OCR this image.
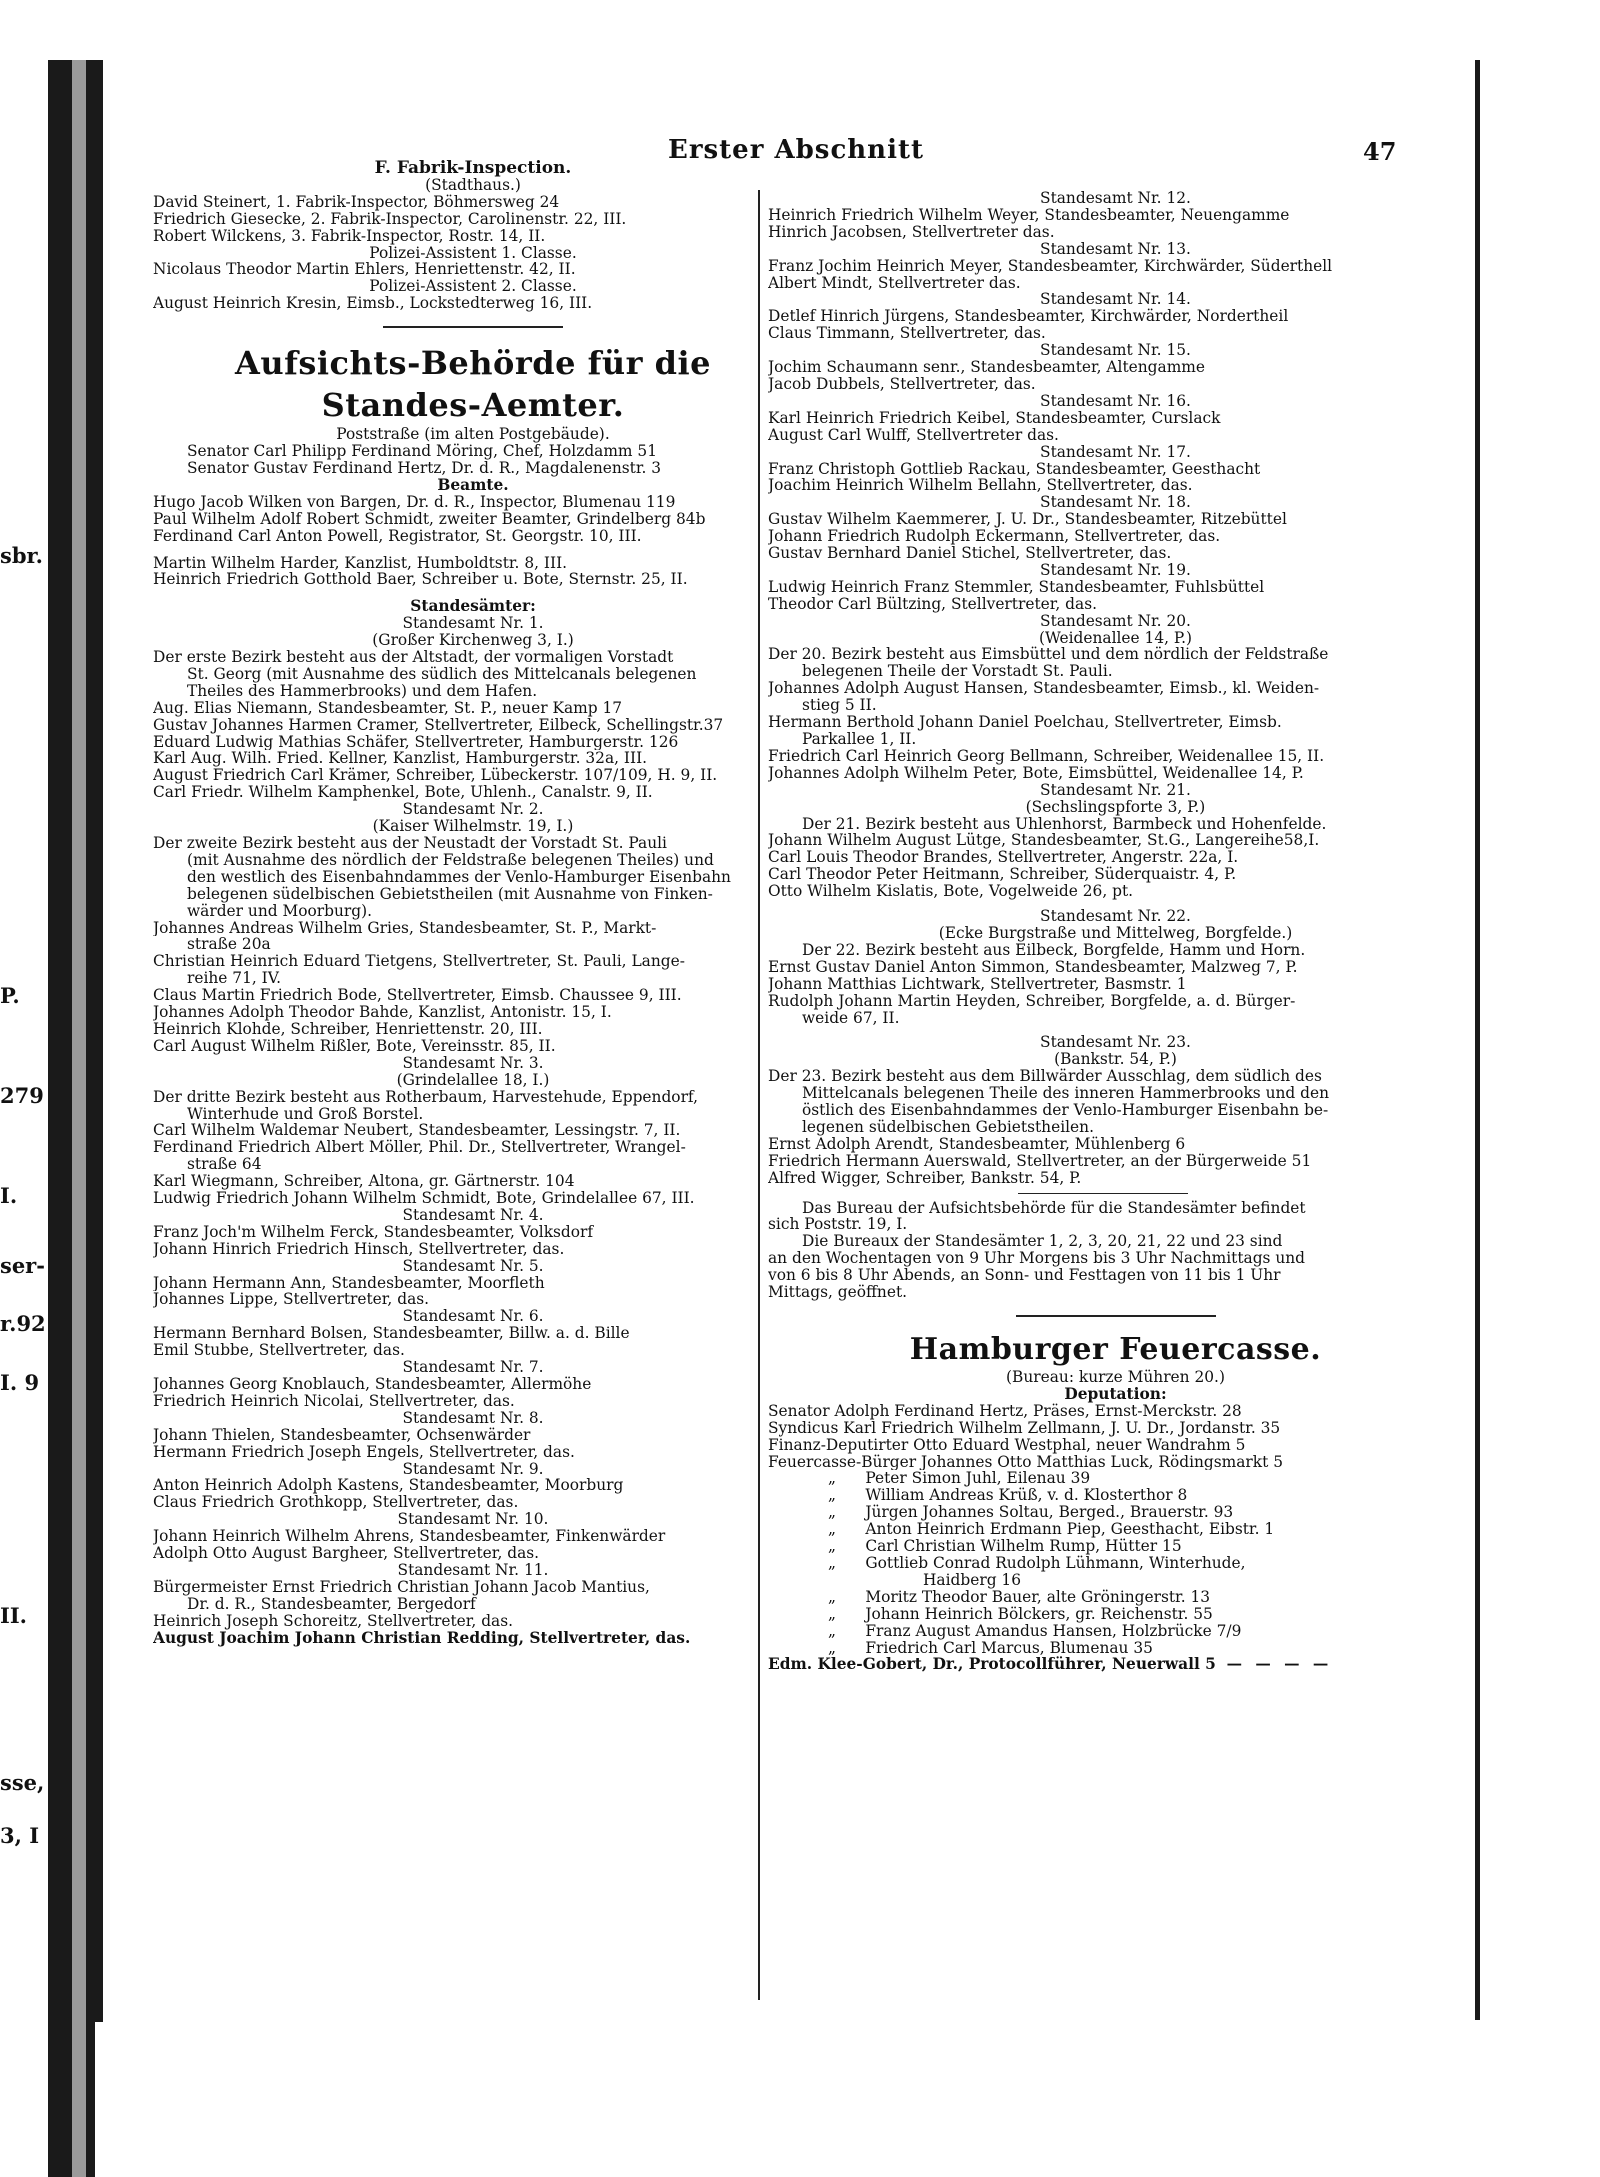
sbr.
P.
279
I.
ser-
r.92
I. 9
II.
sse,
3, I
Erster Abschnitt	47
F. Fabrik-Inspection.
(Stadthaus.)
David Steinert, 1. Fabrik-Inspector, Böhmersweg 24
Friedrich Giesecke, 2. Fabrik-Inspector, Carolinenstr. 22, III.
Robert Wilckens, 3. Fabrik-Inspector, Rostr. 14, II.
Polizei-Assistent 1. Classe.
Nicolaus Theodor Martin Ehlers, Henriettenstr. 42, II.
Polizei-Assistent 2. Classe.
August Heinrich Kresin, Eimsb., Lockstedterweg 16, III.
Aufsichts-Behörde für die Standes-Aemter.
Poststraße (im alten Postgebäude).
Senator Carl Philipp Ferdinand Möring, Chef, Holzdamm 51
Senator Gustav Ferdinand Hertz, Dr. d. R., Magdalenenstr. 3
Beamte.
Hugo Jacob Wilken von Bargen, Dr. d. R., Inspector, Blumenau 119
Paul Wilhelm Adolf Robert Schmidt, zweiter Beamter, Grindelberg 84b
Ferdinand Carl Anton Powell, Registrator, St. Georgstr. 10, III.
Martin Wilhelm Harder, Kanzlist, Humboldtstr. 8, III.
Heinrich Friedrich Gotthold Baer, Schreiber u. Bote, Sternstr. 25, II.
Standesämter:
Standesamt Nr. 1.
(Großer Kirchenweg 3, I.)
Der erste Bezirk besteht aus der Altstadt, der vormaligen Vorstadt
St. Georg (mit Ausnahme des südlich des Mittelcanals belegenen
Theiles des Hammerbrooks) und dem Hafen.
Aug. Elias Niemann, Standesbeamter, St. P., neuer Kamp 17
Gustav Johannes Harmen Cramer, Stellvertreter, Eilbeck, Schellingstr.37
Eduard Ludwig Mathias Schäfer, Stellvertreter, Hamburgerstr. 126
Karl Aug. Wilh. Fried. Kellner, Kanzlist, Hamburgerstr. 32a, III.
August Friedrich Carl Krämer, Schreiber, Lübeckerstr. 107/109, H. 9, II.
Carl Friedr. Wilhelm Kamphenkel, Bote, Uhlenh., Canalstr. 9, II.
Standesamt Nr. 2.
(Kaiser Wilhelmstr. 19, I.)
Der zweite Bezirk besteht aus der Neustadt der Vorstadt St. Pauli
(mit Ausnahme des nördlich der Feldstraße belegenen Theiles) und
den westlich des Eisenbahndammes der Venlo-Hamburger Eisenbahn
belegenen südelbischen Gebietstheilen (mit Ausnahme von Finken-
wärder und Moorburg).
Johannes Andreas Wilhelm Gries, Standesbeamter, St. P., Markt-
straße 20a
Christian Heinrich Eduard Tietgens, Stellvertreter, St. Pauli, Lange-
reihe 71, IV.
Claus Martin Friedrich Bode, Stellvertreter, Eimsb. Chaussee 9, III.
Johannes Adolph Theodor Bahde, Kanzlist, Antonistr. 15, I.
Heinrich Klohde, Schreiber, Henriettenstr. 20, III.
Carl August Wilhelm Rißler, Bote, Vereinsstr. 85, II.
Standesamt Nr. 3.
(Grindelallee 18, I.)
Der dritte Bezirk besteht aus Rotherbaum, Harvestehude, Eppendorf,
Winterhude und Groß Borstel.
Carl Wilhelm Waldemar Neubert, Standesbeamter, Lessingstr. 7, II.
Ferdinand Friedrich Albert Möller, Phil. Dr., Stellvertreter, Wrangel-
straße 64
Karl Wiegmann, Schreiber, Altona, gr. Gärtnerstr. 104
Ludwig Friedrich Johann Wilhelm Schmidt, Bote, Grindelallee 67, III.
Standesamt Nr. 4.
Franz Joch'm Wilhelm Ferck, Standesbeamter, Volksdorf
Johann Hinrich Friedrich Hinsch, Stellvertreter, das.
Standesamt Nr. 5.
Johann Hermann Ann, Standesbeamter, Moorfleth
Johannes Lippe, Stellvertreter, das.
Standesamt Nr. 6.
Hermann Bernhard Bolsen, Standesbeamter, Billw. a. d. Bille
Emil Stubbe, Stellvertreter, das.
Standesamt Nr. 7.
Johannes Georg Knoblauch, Standesbeamter, Allermöhe
Friedrich Heinrich Nicolai, Stellvertreter, das.
Standesamt Nr. 8.
Johann Thielen, Standesbeamter, Ochsenwärder
Hermann Friedrich Joseph Engels, Stellvertreter, das.
Standesamt Nr. 9.
Anton Heinrich Adolph Kastens, Standesbeamter, Moorburg
Claus Friedrich Grothkopp, Stellvertreter, das.
Standesamt Nr. 10.
Johann Heinrich Wilhelm Ahrens, Standesbeamter, Finkenwärder
Adolph Otto August Barghеer, Stellvertreter, das.
Standesamt Nr. 11.
Bürgermeister Ernst Friedrich Christian Johann Jacob Mantius,
Dr. d. R., Standesbeamter, Bergedorf
Heinrich Joseph Schoreitz, Stellvertreter, das.
August Joachim Johann Christian Redding, Stellvertreter, das.
Standesamt Nr. 12.
Heinrich Friedrich Wilhelm Weyer, Standesbeamter, Neuengamme
Hinrich Jacobsen, Stellvertreter das.
Standesamt Nr. 13.
Franz Jochim Heinrich Meyer, Standesbeamter, Kirchwärder, Süderthell
Albert Mindt, Stellvertreter das.
Standesamt Nr. 14.
Detlef Hinrich Jürgens, Standesbeamter, Kirchwärder, Nordertheil
Claus Timmann, Stellvertreter, das.
Standesamt Nr. 15.
Jochim Schaumann senr., Standesbeamter, Altengamme
Jacob Dubbels, Stellvertreter, das.
Standesamt Nr. 16.
Karl Heinrich Friedrich Keibel, Standesbeamter, Curslack
August Carl Wulff, Stellvertreter das.
Standesamt Nr. 17.
Franz Christoph Gottlieb Rackau, Standesbeamter, Geesthacht
Joachim Heinrich Wilhelm Bellahn, Stellvertreter, das.
Standesamt Nr. 18.
Gustav Wilhelm Kaemmerer, J. U. Dr., Standesbeamter, Ritzebüttel
Johann Friedrich Rudolph Eckermann, Stellvertreter, das.
Gustav Bernhard Daniel Stichel, Stellvertreter, das.
Standesamt Nr. 19.
Ludwig Heinrich Franz Stemmler, Standesbeamter, Fuhlsbüttel
Theodor Carl Bültzing, Stellvertreter, das.
Standesamt Nr. 20.
(Weidenallee 14, P.)
Der 20. Bezirk besteht aus Eimsbüttel und dem nördlich der Feldstraße
belegenen Theile der Vorstadt St. Pauli.
Johannes Adolph August Hansen, Standesbeamter, Eimsb., kl. Weiden-
stieg 5 II.
Hermann Berthold Johann Daniel Poelchau, Stellvertreter, Eimsb.
Parkallee 1, II.
Friedrich Carl Heinrich Georg Bellmann, Schreiber, Weidenallee 15, II.
Johannes Adolph Wilhelm Peter, Bote, Eimsbüttel, Weidenallee 14, P.
Standesamt Nr. 21.
(Sechslingspforte 3, P.)
Der 21. Bezirk besteht aus Uhlenhorst, Barmbeck und Hohenfelde.
Johann Wilhelm August Lütge, Standesbeamter, St.G., Langereihe58,I.
Carl Louis Theodor Brandes, Stellvertreter, Angerstr. 22a, I.
Carl Theodor Peter Heitmann, Schreiber, Süderquaistr. 4, P.
Otto Wilhelm Kislatis, Bote, Vogelweide 26, pt.
Standesamt Nr. 22.
(Ecke Burgstraße und Mittelweg, Borgfelde.)
Der 22. Bezirk besteht aus Eilbeck, Borgfelde, Hamm und Horn.
Ernst Gustav Daniel Anton Simmon, Standesbeamter, Malzweg 7, P.
Johann Matthias Lichtwark, Stellvertreter, Basmstr. 1
Rudolph Johann Martin Heyden, Schreiber, Borgfelde, a. d. Bürger-
weide 67, II.
Standesamt Nr. 23.
(Bankstr. 54, P.)
Der 23. Bezirk besteht aus dem Billwärder Ausschlag, dem südlich des
Mittelcanals belegenen Theile des inneren Hammerbrooks und den
östlich des Eisenbahndammes der Venlo-Hamburger Eisenbahn be-
legenen südelbischen Gebietstheilen.
Ernst Adolph Arendt, Standesbeamter, Mühlenberg 6
Friedrich Hermann Auerswald, Stellvertreter, an der Bürgerweide 51
Alfred Wigger, Schreiber, Bankstr. 54, P.
Das Bureau der Aufsichtsbehörde für die Standesämter befindet
sich Poststr. 19, I.
Die Bureaux der Standesämter 1, 2, 3, 20, 21, 22 und 23 sind
an den Wochentagen von 9 Uhr Morgens bis 3 Uhr Nachmittags und
von 6 bis 8 Uhr Abends, an Sonn- und Festtagen von 11 bis 1 Uhr
Mittags, geöffnet.
Hamburger Feuercasse.
(Bureau: kurze Mühren 20.)
Deputation:
Senator Adolph Ferdinand Hertz, Präses, Ernst-Merckstr. 28
Syndicus Karl Friedrich Wilhelm Zellmann, J. U. Dr., Jordanstr. 35
Finanz-Deputirter Otto Eduard Westphal, neuer Wandrahm 5
Feuercasse-Bürger Johannes Otto Matthias Luck, Rödingsmarkt 5
„ Peter Simon Juhl, Eilenau 39
„ William Andreas Krüß, v. d. Klosterthor 8
„ Jürgen Johannes Soltau, Berged., Brauerstr. 93
„ Anton Heinrich Erdmann Piep, Geesthacht, Eibstr. 1
„ Carl Christian Wilhelm Rump, Hütter 15
„ Gottlieb Conrad Rudolph Lühmann, Winterhude,
Haidberg 16
„ Moritz Theodor Bauer, alte Gröningerstr. 13
„ Johann Heinrich Bölckers, gr. Reichenstr. 55
„ Franz August Amandus Hansen, Holzbrücke 7/9
„ Friedrich Carl Marcus, Blumenau 35
Edm. Klee-Gobert, Dr., Protocollführer, Neuerwall 5 — — — —
